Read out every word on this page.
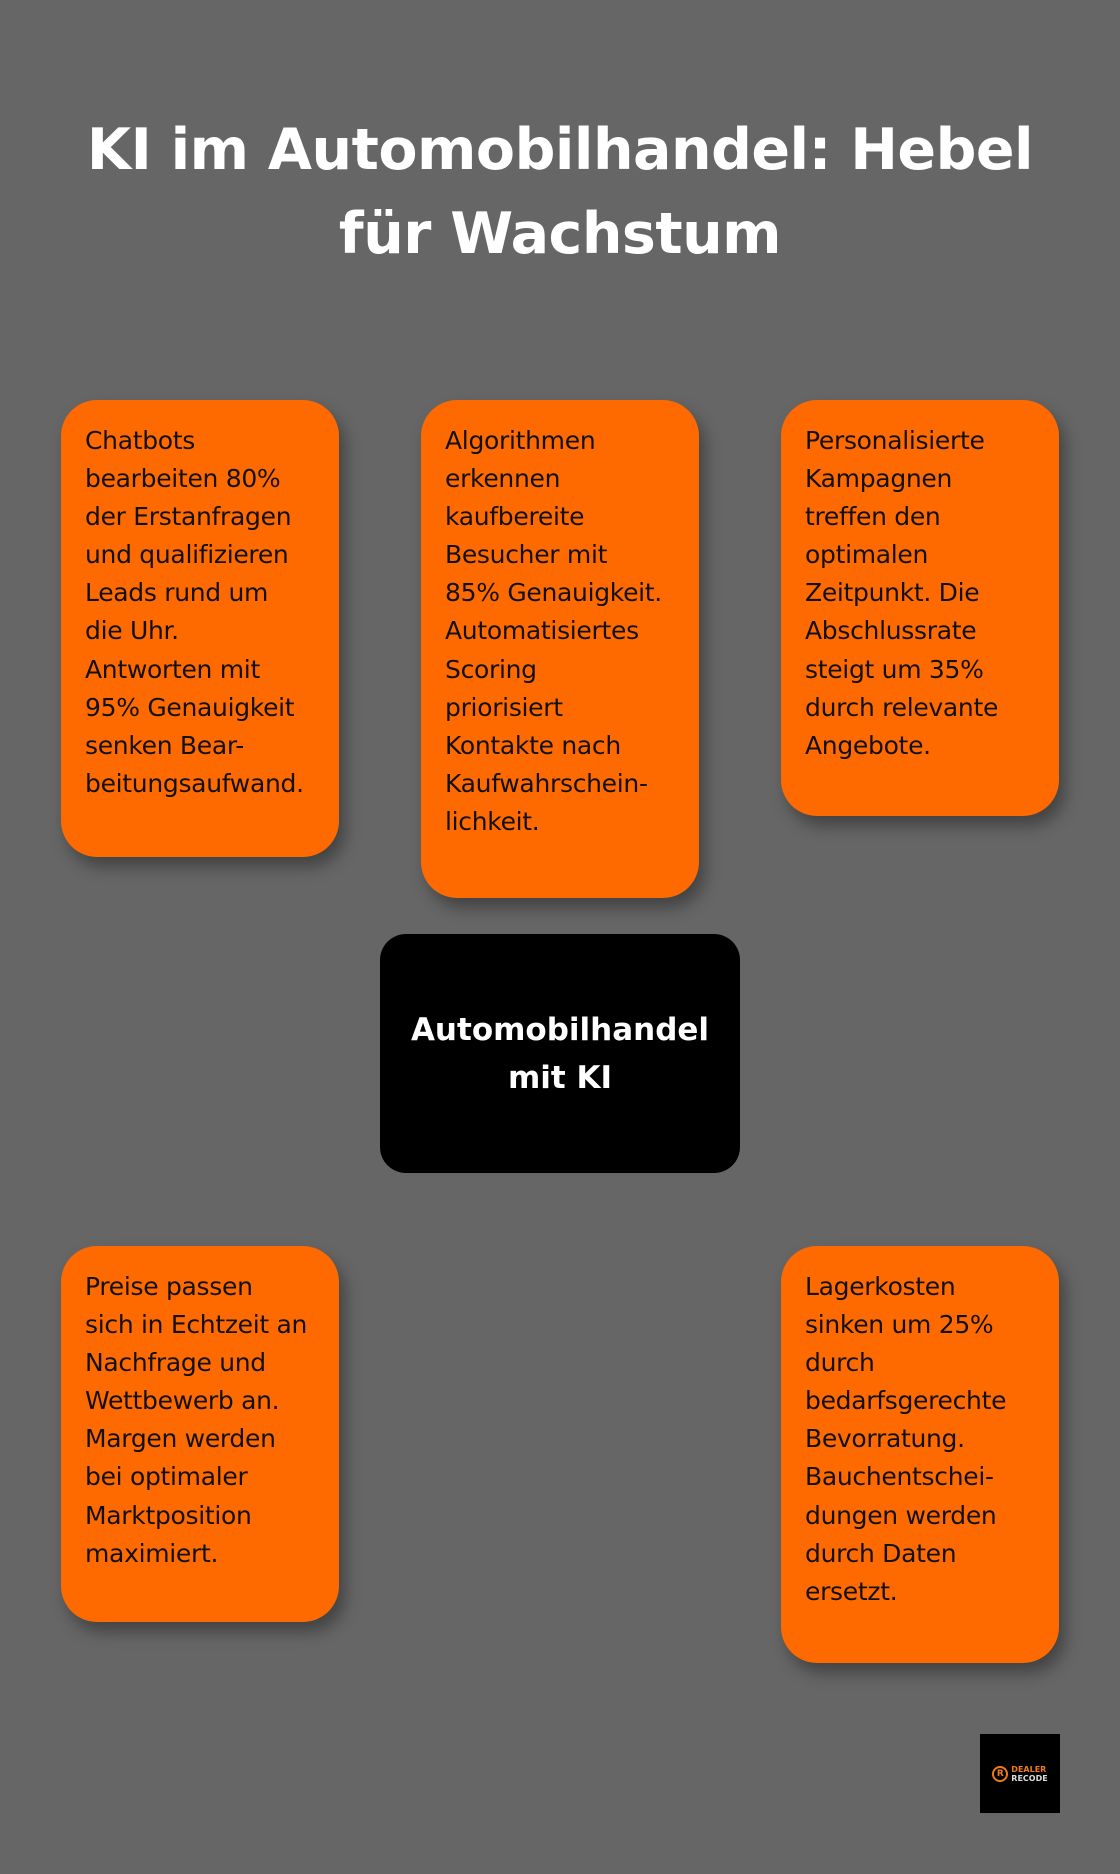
KI im Automobilhandel: Hebel
für Wachstum
Chatbots
bearbeiten 80%
der Erstanfragen
und qualifizieren
Leads rund um
die Uhr.
Antworten mit
95% Genauigkeit
senken Bear-
beitungsaufwand.
Algorithmen
erkennen
kaufbereite
Besucher mit
85% Genauigkeit.
Automatisiertes
Scoring
priorisiert
Kontakte nach
Kaufwahrschein-
lichkeit.
Personalisierte
Kampagnen
treffen den
optimalen
Zeitpunkt. Die
Abschlussrate
steigt um 35%
durch relevante
Angebote.
Automobilhandel
mit KI
Preise passen
sich in Echtzeit an
Nachfrage und
Wettbewerb an.
Margen werden
bei optimaler
Marktposition
maximiert.
Lagerkosten
sinken um 25%
durch
bedarfsgerechte
Bevorratung.
Bauchentschei-
dungen werden
durch Daten
ersetzt.
R DEALER
RECODE
